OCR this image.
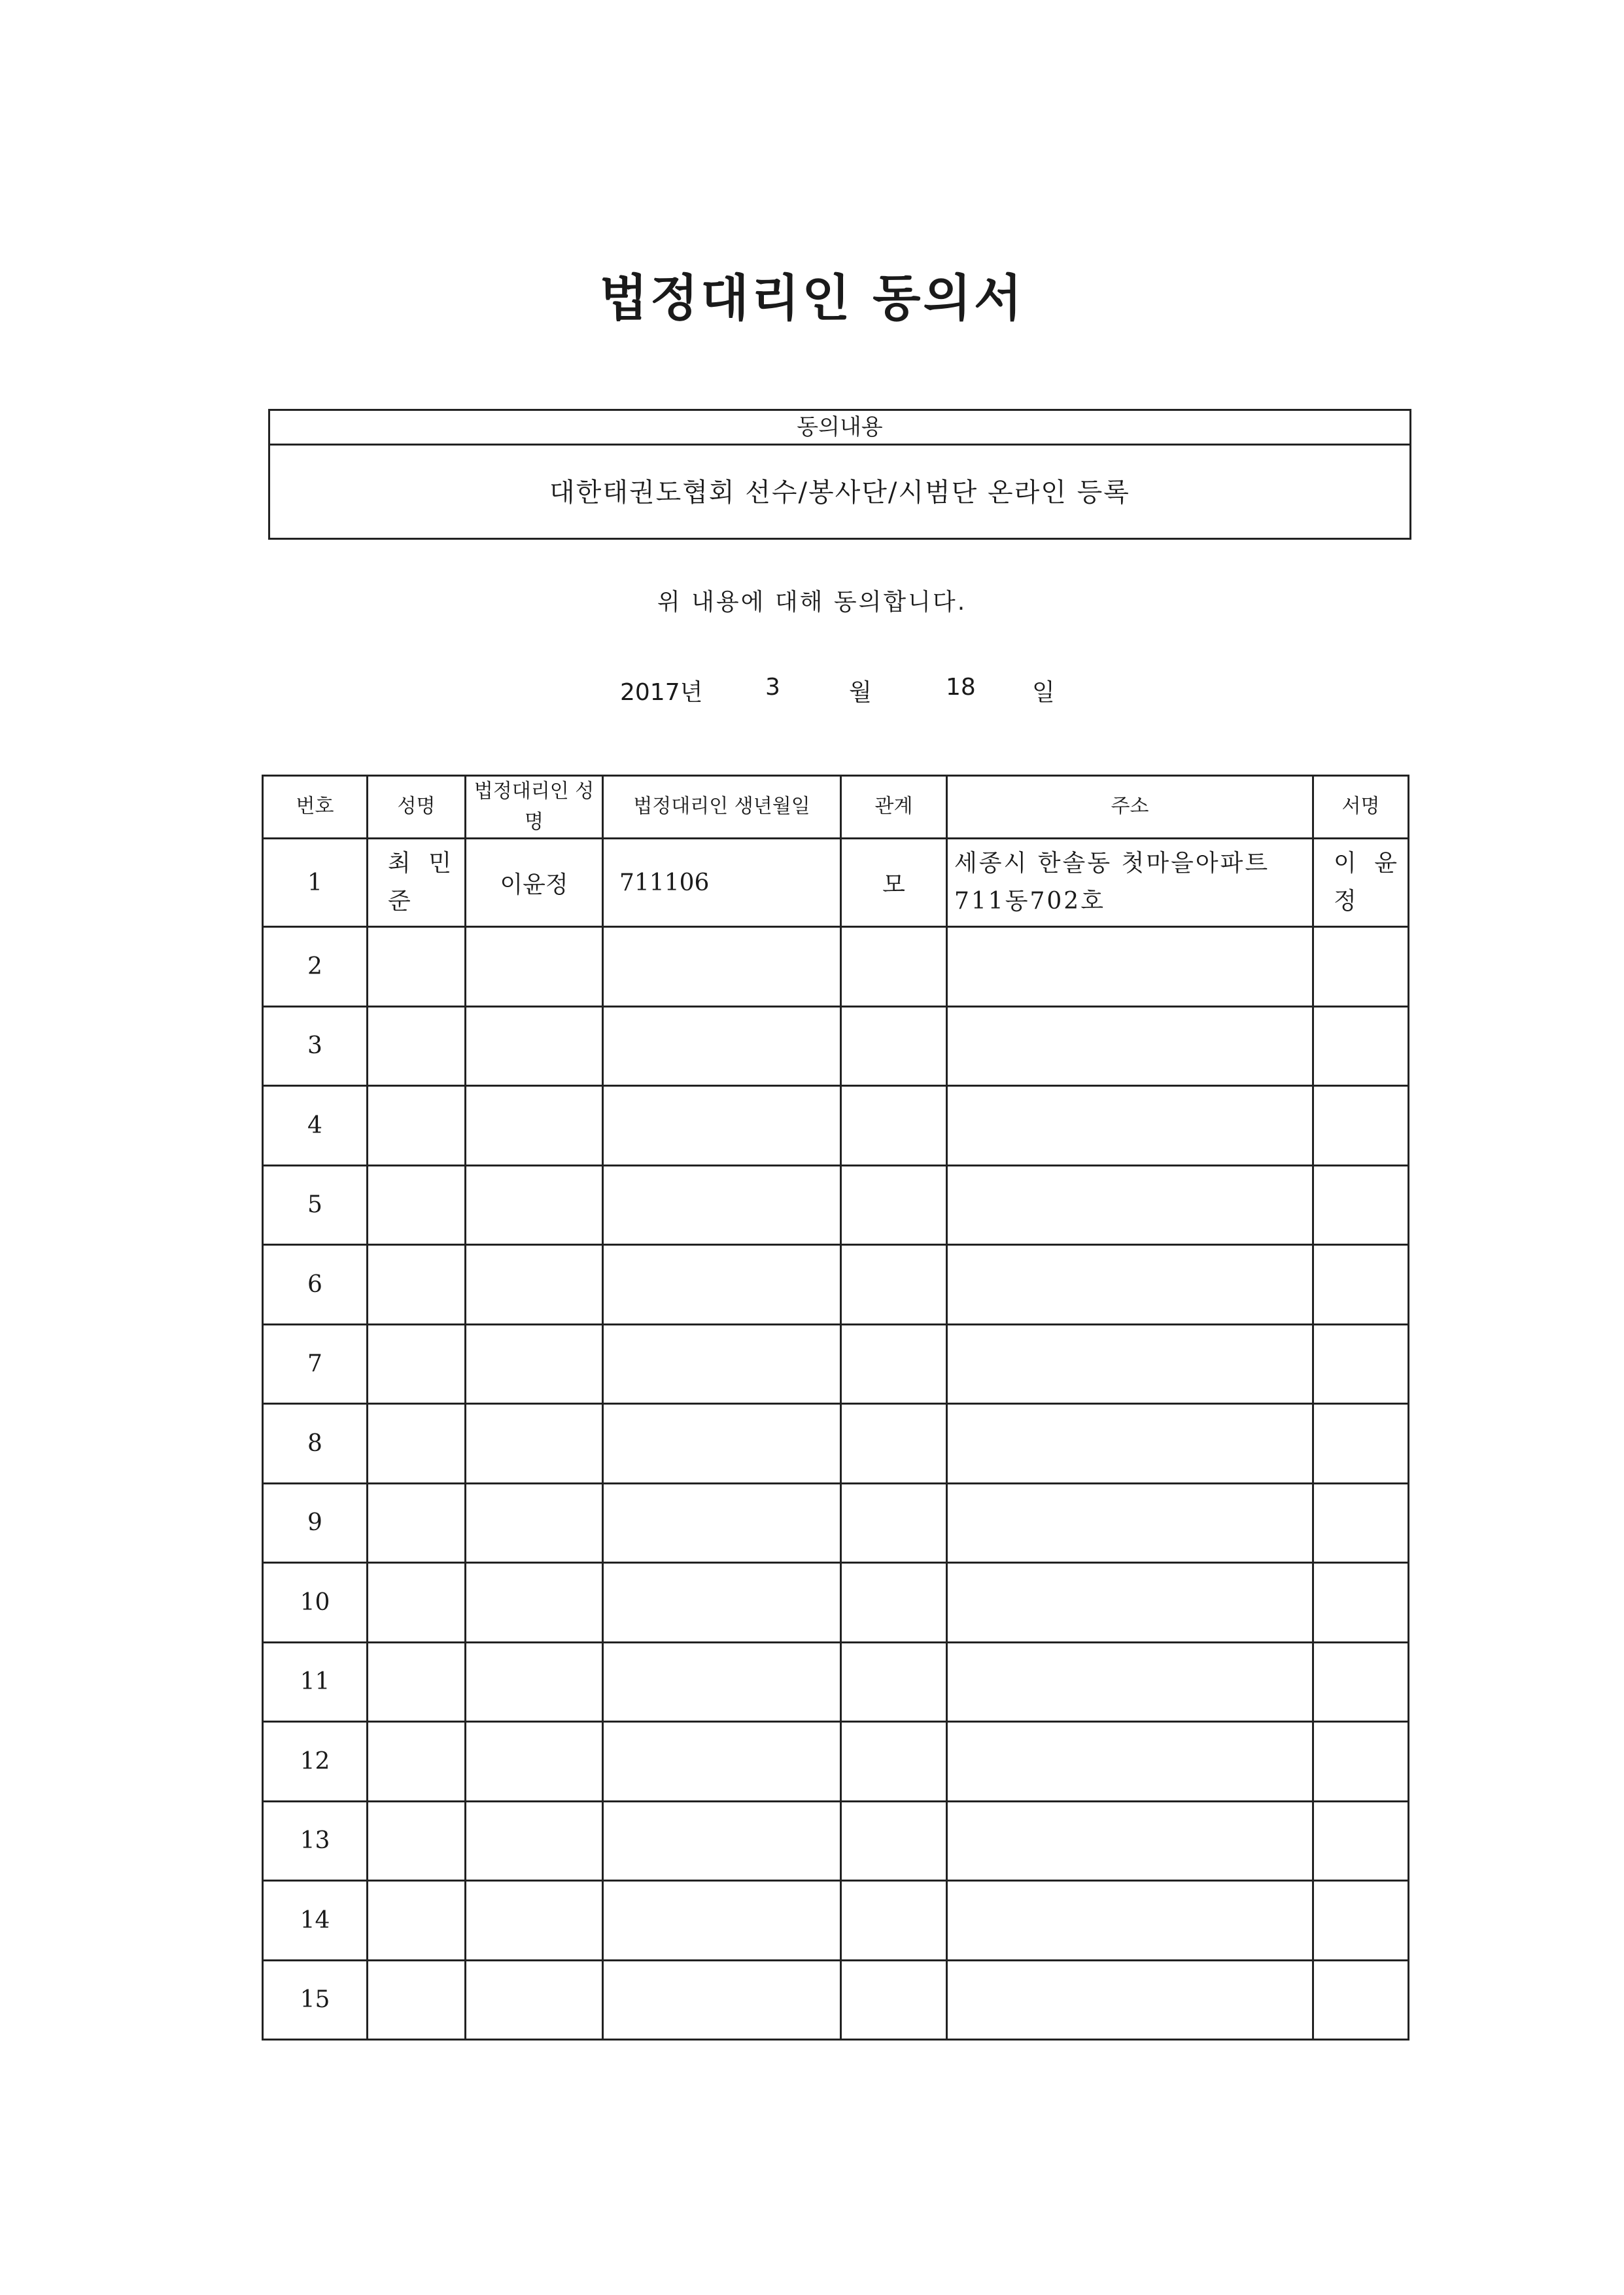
법정대리인 동의서
동의내용
대한태권도협회 선수/봉사단/시범단 온라인 등록
위 내용에 대해 동의합니다.
2017년	3	월	18 일
번호	성명	법정대리인 성명	법정대리인 생년월일	관계	주소	서명
1	최 민 준	이윤정	711106	모	세종시 한솔동 첫마을아파트 711동702호	이 윤 정
2						
3						
4						
5						
6						
7						
8						
9						
10						
11						
12						
13						
14						
15						
